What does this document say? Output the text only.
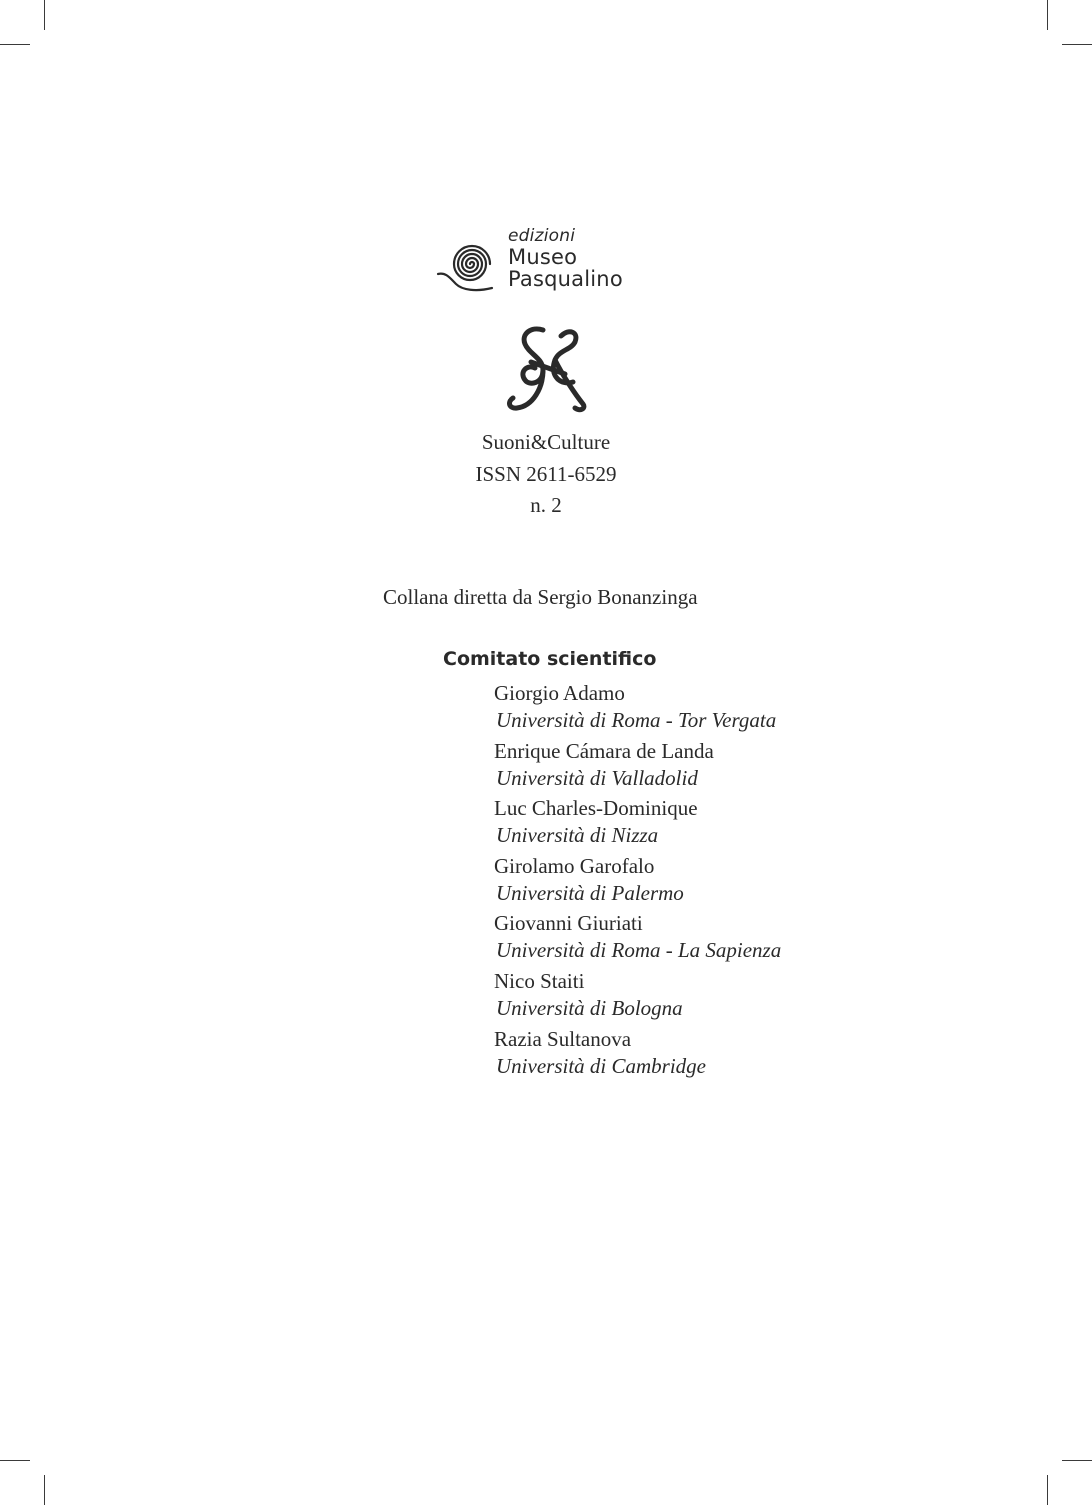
edizioni
Museo
Pasqualino
Suoni&Culture
ISSN 2611-6529
n. 2
Collana diretta da Sergio Bonanzinga
Comitato scientifico
Giorgio Adamo
Università di Roma - Tor Vergata
Enrique Cámara de Landa
Università di Valladolid
Luc Charles-Dominique
Università di Nizza
Girolamo Garofalo
Università di Palermo
Giovanni Giuriati
Università di Roma - La Sapienza
Nico Staiti
Università di Bologna
Razia Sultanova
Università di Cambridge
